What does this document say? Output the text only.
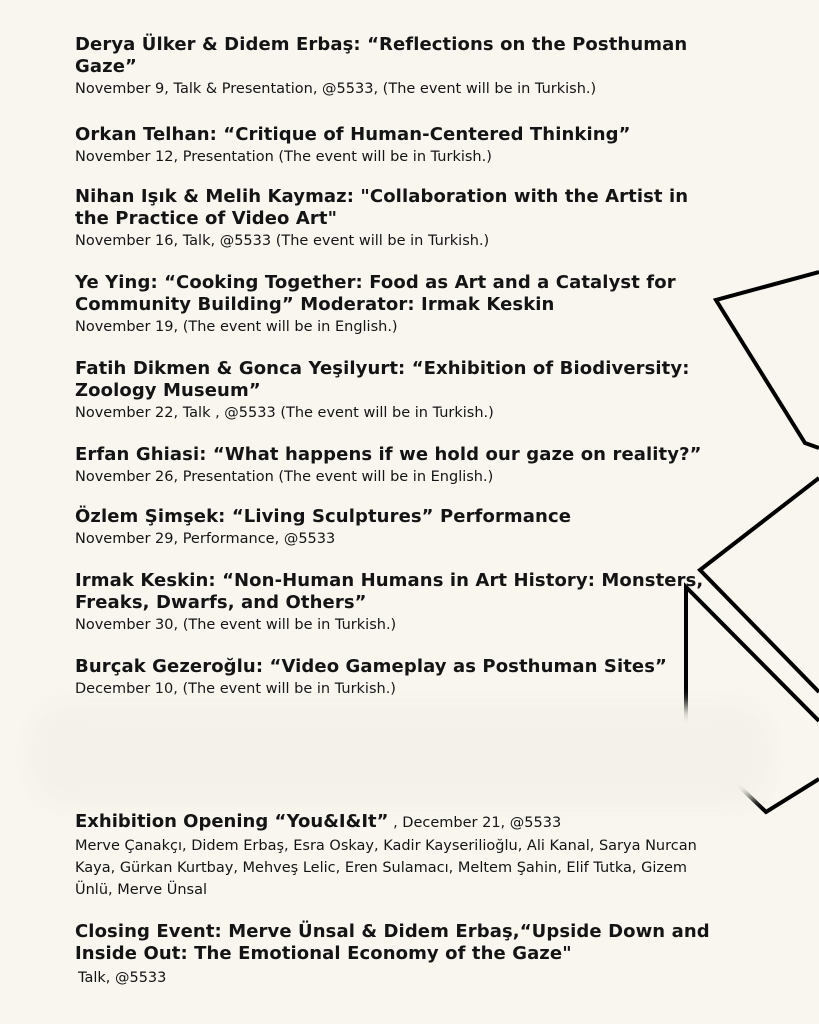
Derya Ülker & Didem Erbaş: “Reflections on the Posthuman Gaze”
November 9, Talk & Presentation, @5533, (The event will be in Turkish.)
Orkan Telhan: “Critique of Human-Centered Thinking”
November 12, Presentation (The event will be in Turkish.)
Nihan Işık & Melih Kaymaz: "Collaboration with the Artist in the Practice of Video Art"
November 16, Talk, @5533 (The event will be in Turkish.)
Ye Ying: “Cooking Together: Food as Art and a Catalyst for Community Building” Moderator: Irmak Keskin
November 19, (The event will be in English.)
Fatih Dikmen & Gonca Yeşilyurt: “Exhibition of Biodiversity: Zoology Museum”
November 22, Talk , @5533 (The event will be in Turkish.)
Erfan Ghiasi: “What happens if we hold our gaze on reality?”
November 26, Presentation (The event will be in English.)
Özlem Şimşek: “Living Sculptures” Performance
November 29, Performance, @5533
Irmak Keskin: “Non-Human Humans in Art History: Monsters, Freaks, Dwarfs, and Others”
November 30, (The event will be in Turkish.)
Burçak Gezeroğlu: “Video Gameplay as Posthuman Sites”
December 10, (The event will be in Turkish.)
Exhibition Opening “You&I&It” , December 21, @5533
Merve Çanakçı, Didem Erbaş, Esra Oskay, Kadir Kayserilioğlu, Ali Kanal, Sarya Nurcan Kaya, Gürkan Kurtbay, Mehveş Lelic, Eren Sulamacı, Meltem Şahin, Elif Tutka, Gizem Ünlü, Merve Ünsal
Closing Event: Merve Ünsal & Didem Erbaş,“Upside Down and Inside Out: The Emotional Economy of the Gaze"
Talk, @5533
